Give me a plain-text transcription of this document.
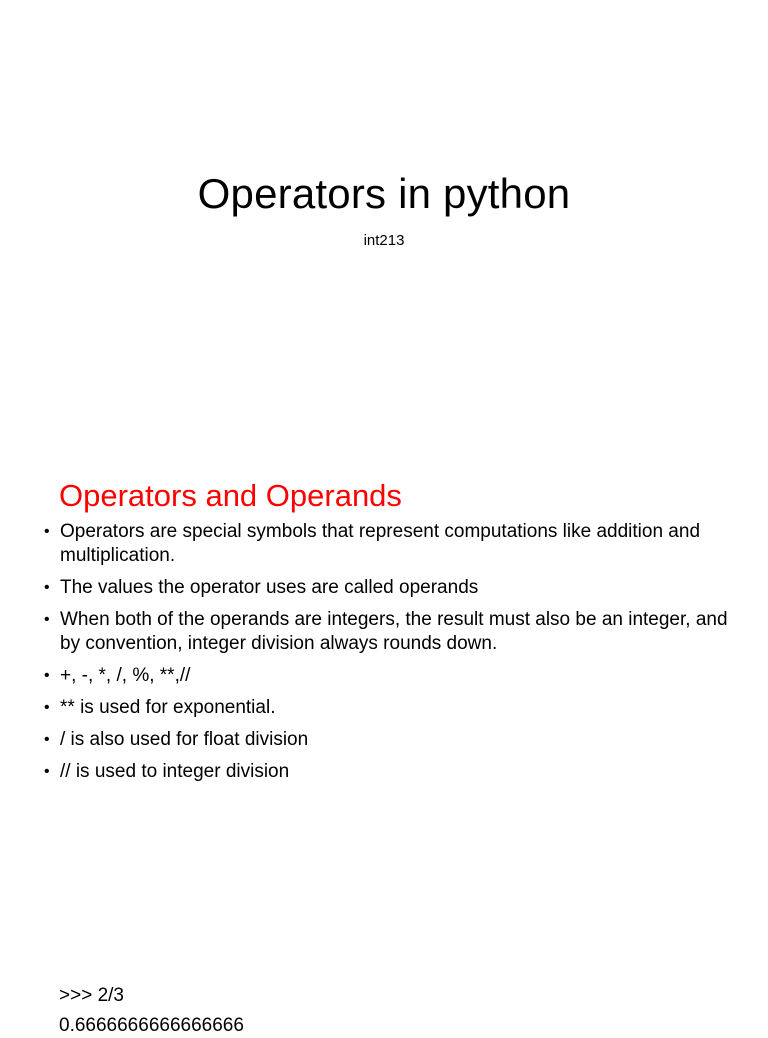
Operators in python
int213
Operators and Operands
• Operators are special symbols that represent computations like addition and multiplication.
• The values the operator uses are called operands
• When both of the operands are integers, the result must also be an integer, and by convention, integer division always rounds down.
• +, -, *, /, %, **,//
• ** is used for exponential.
• / is also used for float division
• // is used to integer division
>>> 2/3
0.6666666666666666
